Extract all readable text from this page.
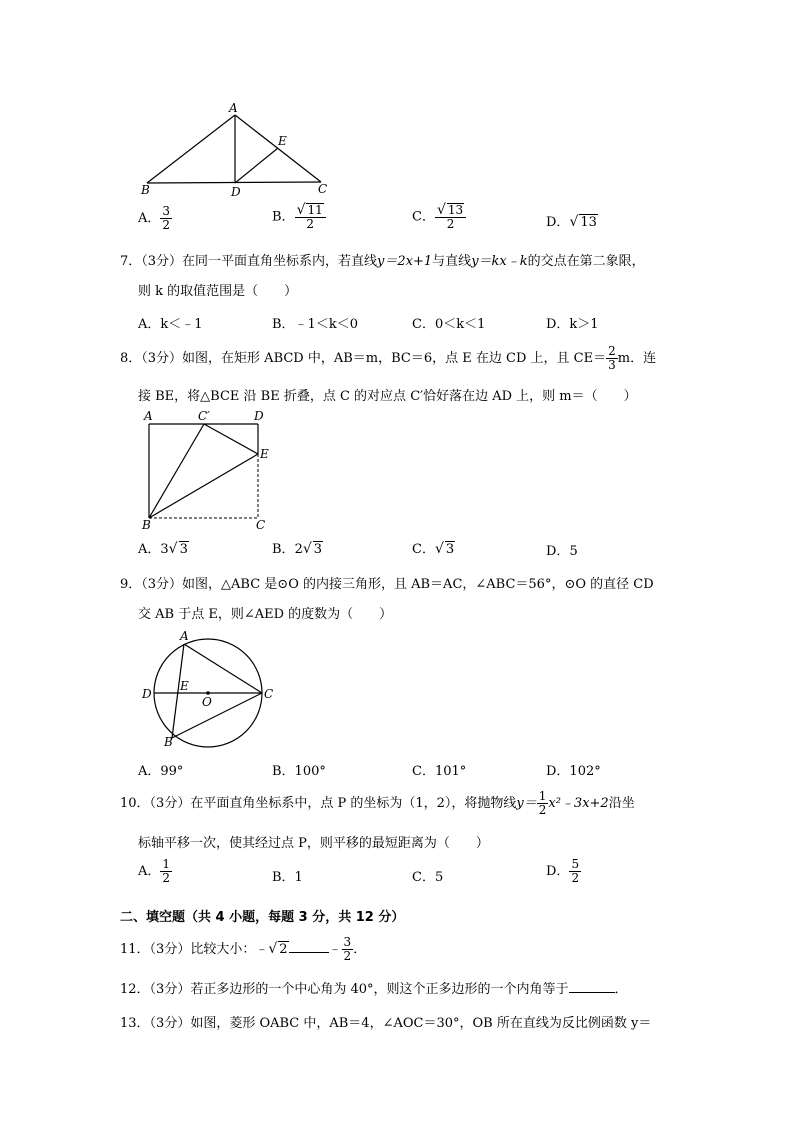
A
B	D
E
C
A． $\frac{3}{2}$	B． $\frac{√ 11}{2}$	C． $\frac{√ 13}{2}$	D．√ 13
7．（3分）在同一平面直角坐标系内，若直线y＝2x+1与直线y＝kx﹣k的交点在第二象限，
则 k 的取值范围是（　　）
A．k＜﹣1	B．﹣1＜k＜0	C．0＜k＜1	D．k＞1
8．（3分）如图，在矩形 ABCD 中，AB＝m，BC＝6，点 E 在边 CD 上，且 $CE= \frac{2}{3}$ m．连
接 BE，将△BCE 沿 BE 折叠，点 C 的对应点 C′恰好落在边 AD 上，则 m＝（　　）
A	C′	D
E
B	C
A．3√ 3	B．2√ 3	C．√ 3	D．5
9．（3分）如图，△ABC 是⊙O 的内接三角形，且 AB＝AC，∠ABC＝56°，⊙O 的直径 CD
交 AB 于点 E，则∠AED 的度数为（　　）
A
D
E
O
C
B
A．99°	B．100°	C．101°	D．102°
10．（3分）在平面直角坐标系中，点 P 的坐标为（1，2），将抛物线$y= \frac{1}{2}$ x²﹣3x+2沿坐
标轴平移一次，使其经过点 P，则平移的最短距离为（　　）
A． $\frac{1}{2}$	B．1	C．5	D． $\frac{5}{2}$
二、填空题（共 4 小题，每题 3 分，共 12 分）
11．（3分）比较大小：﹣√ 2	﹣ $\frac{3}{2}$ ．
12．（3分）若正多边形的一个中心角为 40°，则这个正多边形的一个内角等于	．
13．（3分）如图，菱形 OABC 中，AB＝4，∠AOC＝30°，OB 所在直线为反比例函数 y＝
